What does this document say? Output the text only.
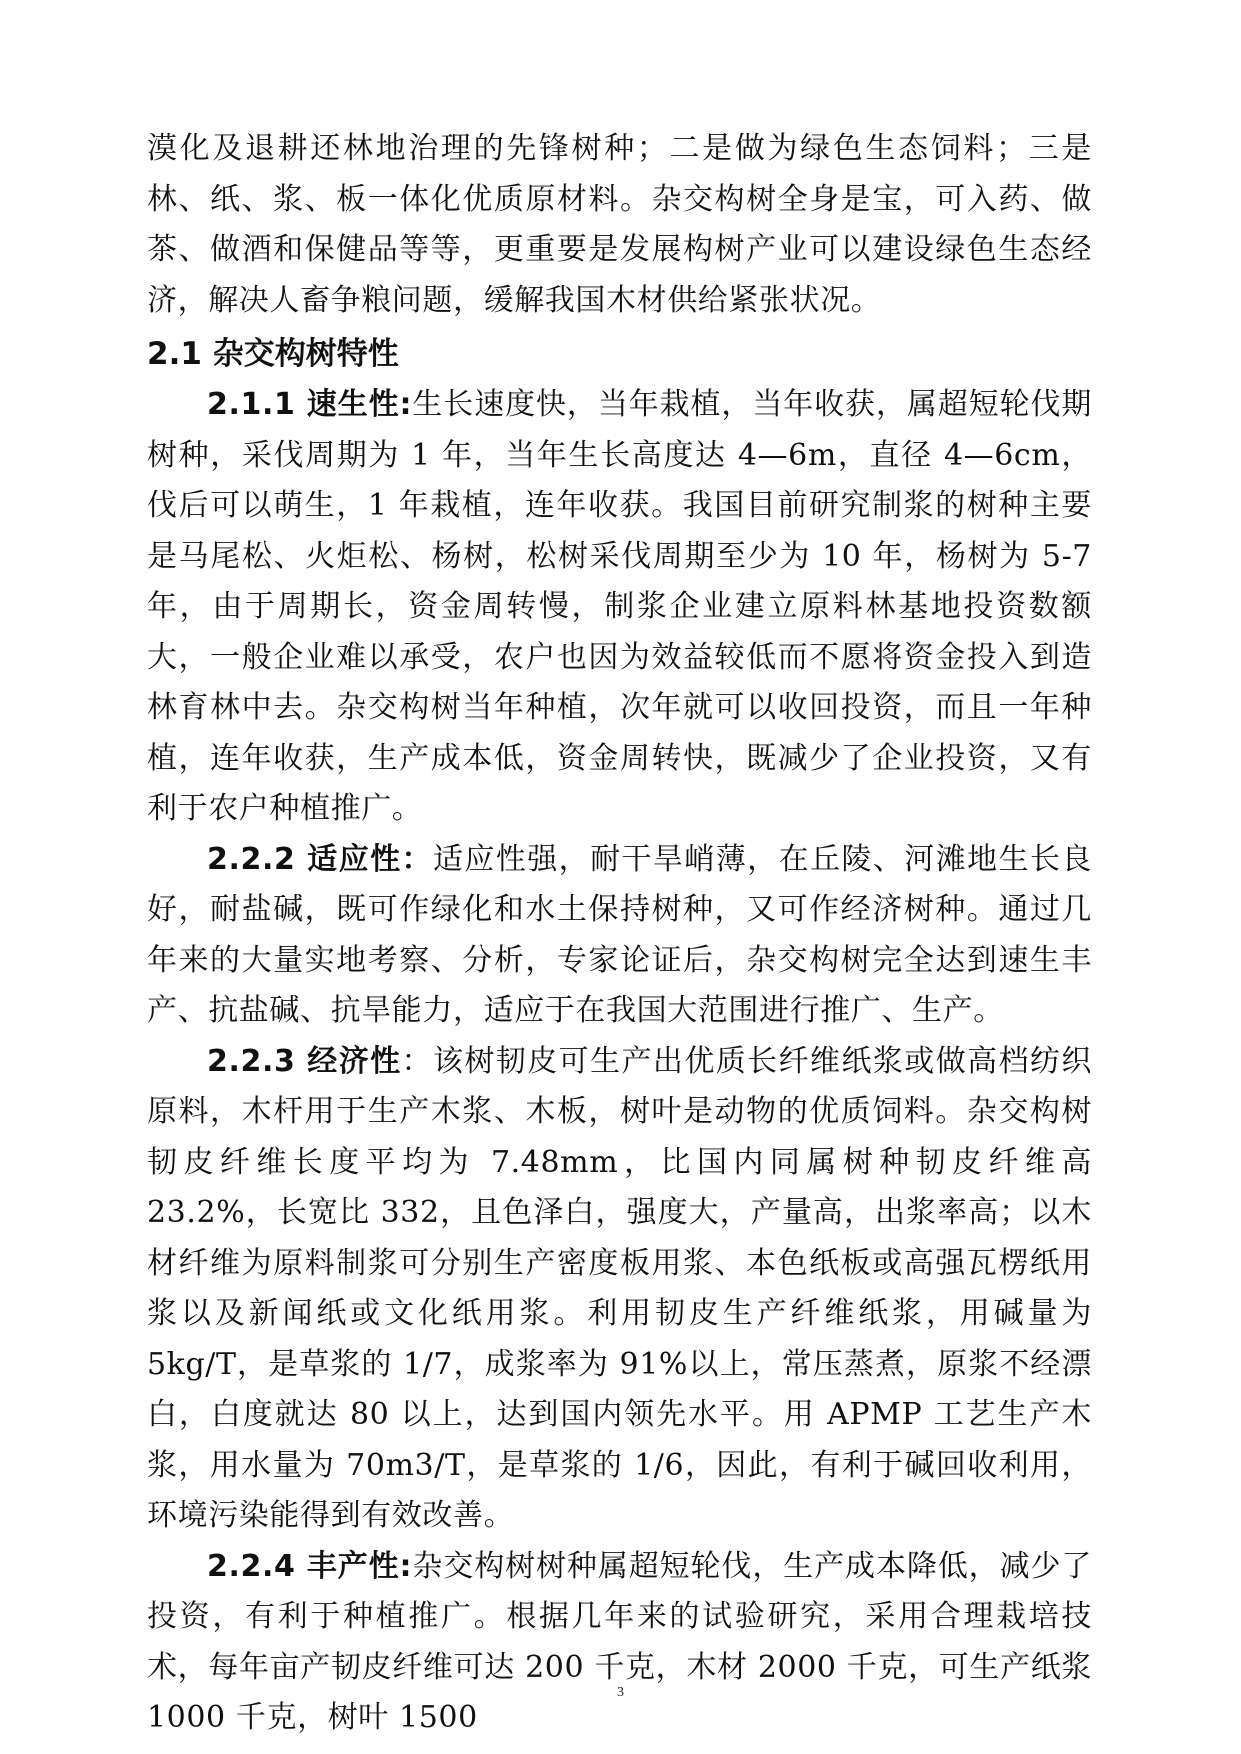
漠化及退耕还林地治理的先锋树种；二是做为绿色生态饲料；三是林、纸、浆、板一体化优质原材料。杂交构树全身是宝，可入药、做茶、做酒和保健品等等，更重要是发展构树产业可以建设绿色生态经济，解决人畜争粮问题，缓解我国木材供给紧张状况。

2.1 杂交构树特性

2.1.1 速生性:生长速度快，当年栽植，当年收获，属超短轮伐期树种，采伐周期为 1 年，当年生长高度达 4—6m，直径 4—6cm，伐后可以萌生，1 年栽植，连年收获。我国目前研究制浆的树种主要是马尾松、火炬松、杨树，松树采伐周期至少为 10 年，杨树为 5-7 年，由于周期长，资金周转慢，制浆企业建立原料林基地投资数额大，一般企业难以承受，农户也因为效益较低而不愿将资金投入到造林育林中去。杂交构树当年种植，次年就可以收回投资，而且一年种植，连年收获，生产成本低，资金周转快，既减少了企业投资，又有利于农户种植推广。

2.2.2 适应性：适应性强，耐干旱峭薄，在丘陵、河滩地生长良好，耐盐碱，既可作绿化和水土保持树种，又可作经济树种。通过几年来的大量实地考察、分析，专家论证后，杂交构树完全达到速生丰产、抗盐碱、抗旱能力，适应于在我国大范围进行推广、生产。

2.2.3 经济性：该树韧皮可生产出优质长纤维纸浆或做高档纺织原料，木杆用于生产木浆、木板，树叶是动物的优质饲料。杂交构树韧皮纤维长度平均为 7.48mm，比国内同属树种韧皮纤维高 23.2%，长宽比 332，且色泽白，强度大，产量高，出浆率高；以木材纤维为原料制浆可分别生产密度板用浆、本色纸板或高强瓦楞纸用浆以及新闻纸或文化纸用浆。利用韧皮生产纤维纸浆，用碱量为 5kg/T，是草浆的 1/7，成浆率为 91%以上，常压蒸煮，原浆不经漂白，白度就达 80 以上，达到国内领先水平。用 APMP 工艺生产木浆，用水量为 70m3/T，是草浆的 1/6，因此，有利于碱回收利用，环境污染能得到有效改善。

2.2.4 丰产性:杂交构树树种属超短轮伐，生产成本降低，减少了投资，有利于种植推广。根据几年来的试验研究，采用合理栽培技术，每年亩产韧皮纤维可达 200 千克，木材 2000 千克，可生产纸浆 1000 千克，树叶 1500

3
